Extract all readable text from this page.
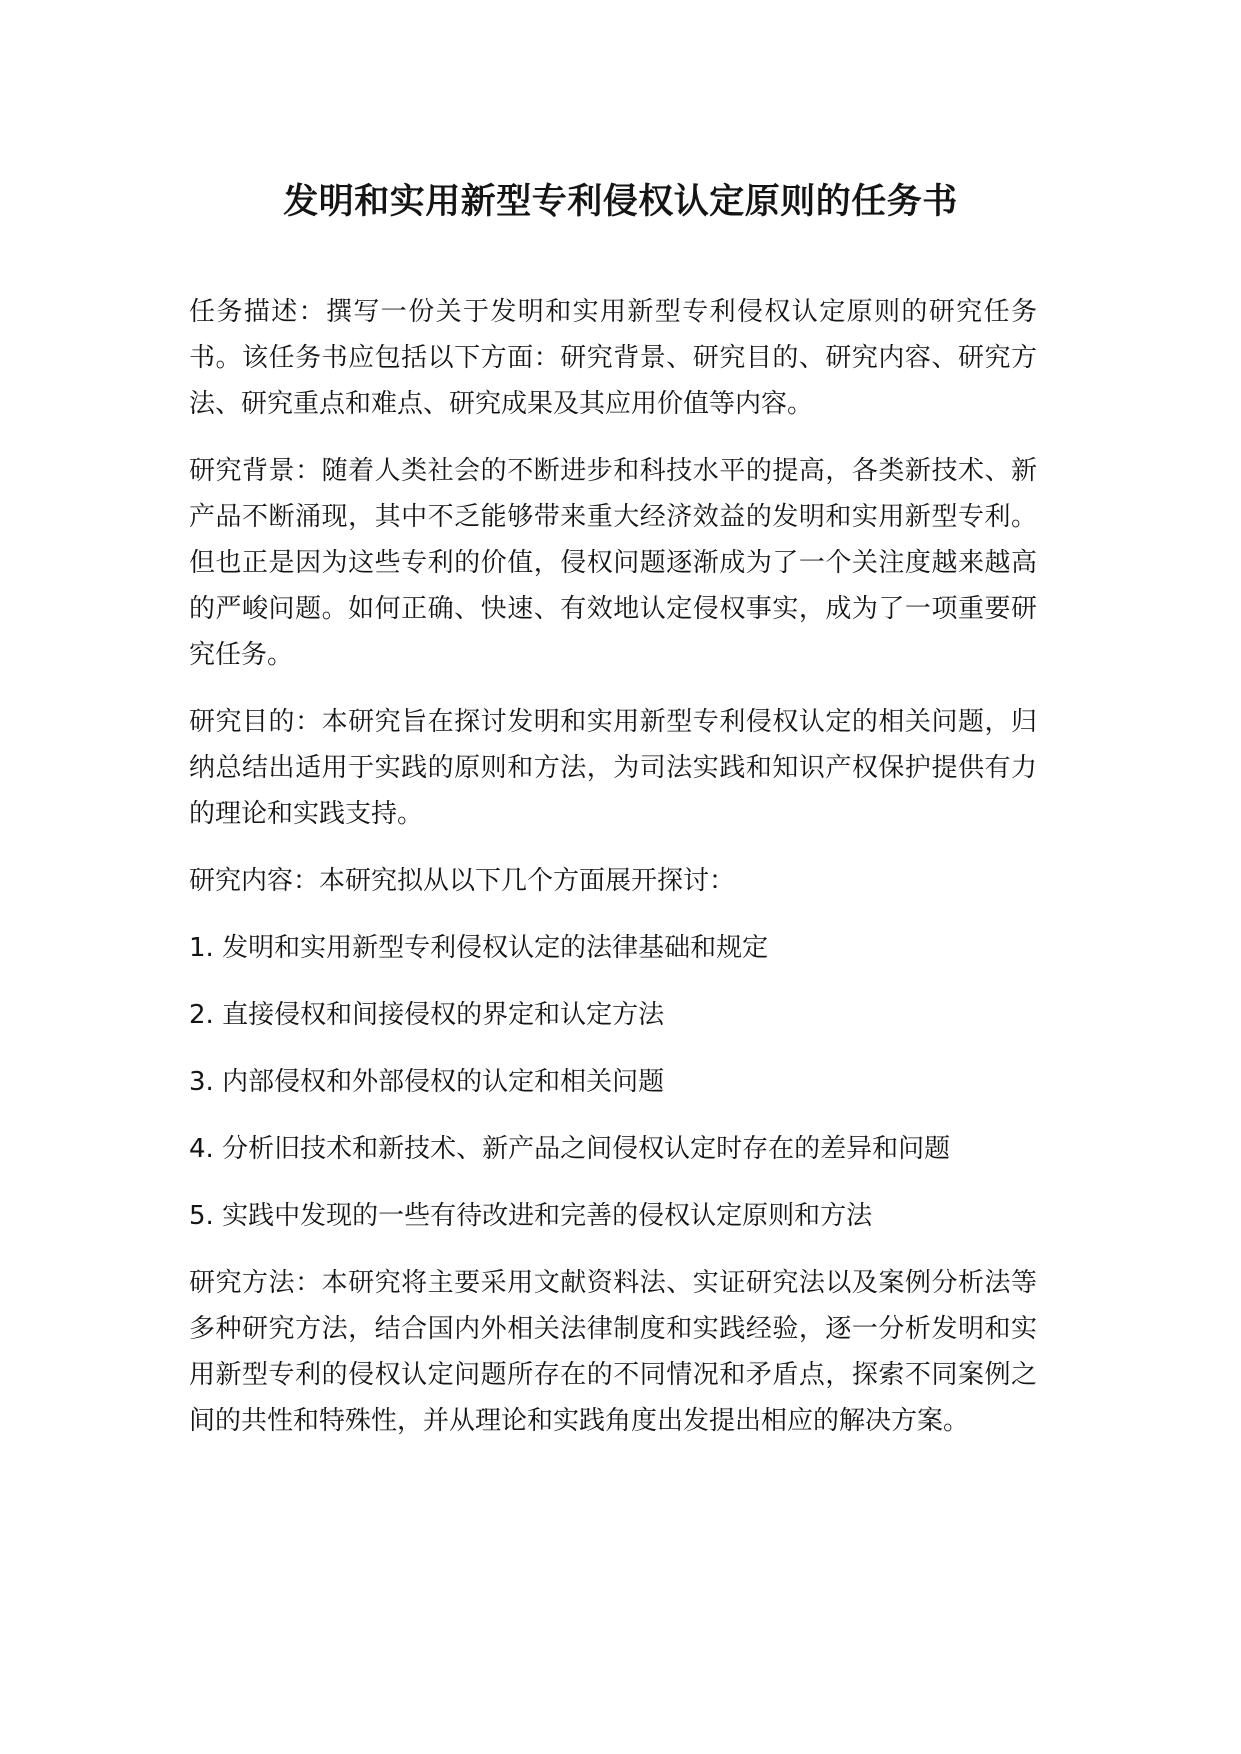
发明和实用新型专利侵权认定原则的任务书

任务描述：撰写一份关于发明和实用新型专利侵权认定原则的研究任务书。该任务书应包括以下方面：研究背景、研究目的、研究内容、研究方法、研究重点和难点、研究成果及其应用价值等内容。

研究背景：随着人类社会的不断进步和科技水平的提高，各类新技术、新产品不断涌现，其中不乏能够带来重大经济效益的发明和实用新型专利。但也正是因为这些专利的价值，侵权问题逐渐成为了一个关注度越来越高的严峻问题。如何正确、快速、有效地认定侵权事实，成为了一项重要研究任务。

研究目的：本研究旨在探讨发明和实用新型专利侵权认定的相关问题，归纳总结出适用于实践的原则和方法，为司法实践和知识产权保护提供有力的理论和实践支持。

研究内容：本研究拟从以下几个方面展开探讨：

1. 发明和实用新型专利侵权认定的法律基础和规定

2. 直接侵权和间接侵权的界定和认定方法

3. 内部侵权和外部侵权的认定和相关问题

4. 分析旧技术和新技术、新产品之间侵权认定时存在的差异和问题

5. 实践中发现的一些有待改进和完善的侵权认定原则和方法

研究方法：本研究将主要采用文献资料法、实证研究法以及案例分析法等多种研究方法，结合国内外相关法律制度和实践经验，逐一分析发明和实用新型专利的侵权认定问题所存在的不同情况和矛盾点，探索不同案例之间的共性和特殊性，并从理论和实践角度出发提出相应的解决方案。
